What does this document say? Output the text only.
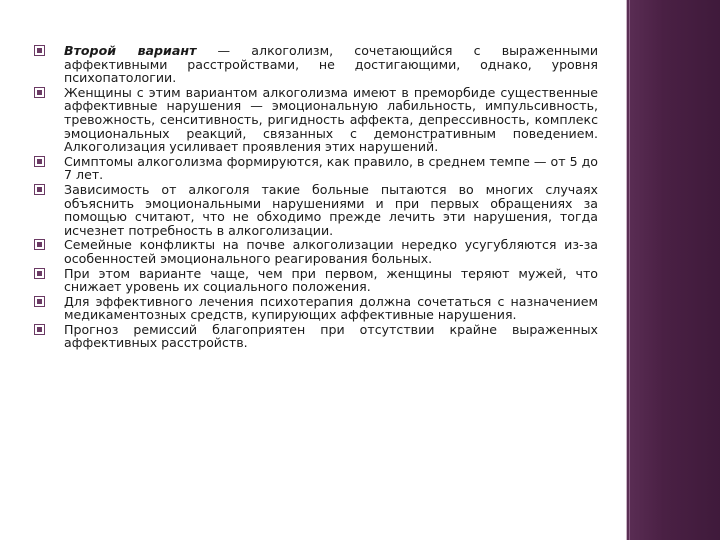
Второй вариант — алкоголизм, сочетающийся с выраженными аффективными расстройствами, не достигающими, однако, уровня психопатологии.
Женщины с этим вариантом алкоголизма имеют в преморбиде существенные аффективные нарушения — эмоциональную лабильность, импульсивность, тревожность, сенситивность, ригидность аффекта, депрессивность, комплекс эмоциональных реакций, связанных с демонстративным поведением. Алкоголизация усиливает проявления этих нарушений.
Симптомы алкоголизма формируются, как правило, в среднем темпе — от 5 до 7 лет.
Зависимость от алкоголя такие больные пытаются во многих случаях объяснить эмоциональными нарушениями и при первых обращениях за помощью считают, что не обходимо прежде лечить эти нарушения, тогда исчезнет потребность в алкоголизации.
Семейные конфликты на почве алкоголизации нередко усугубляются из-за особенностей эмоционального реагирования больных.
При этом варианте чаще, чем при первом, женщины теряют мужей, что снижает уровень их социального положения.
Для эффективного лечения психотерапия должна сочетаться с назначением медикаментозных средств, купирующих аффективные нарушения.
Прогноз ремиссий благоприятен при отсутствии крайне выраженных аффективных расстройств.
